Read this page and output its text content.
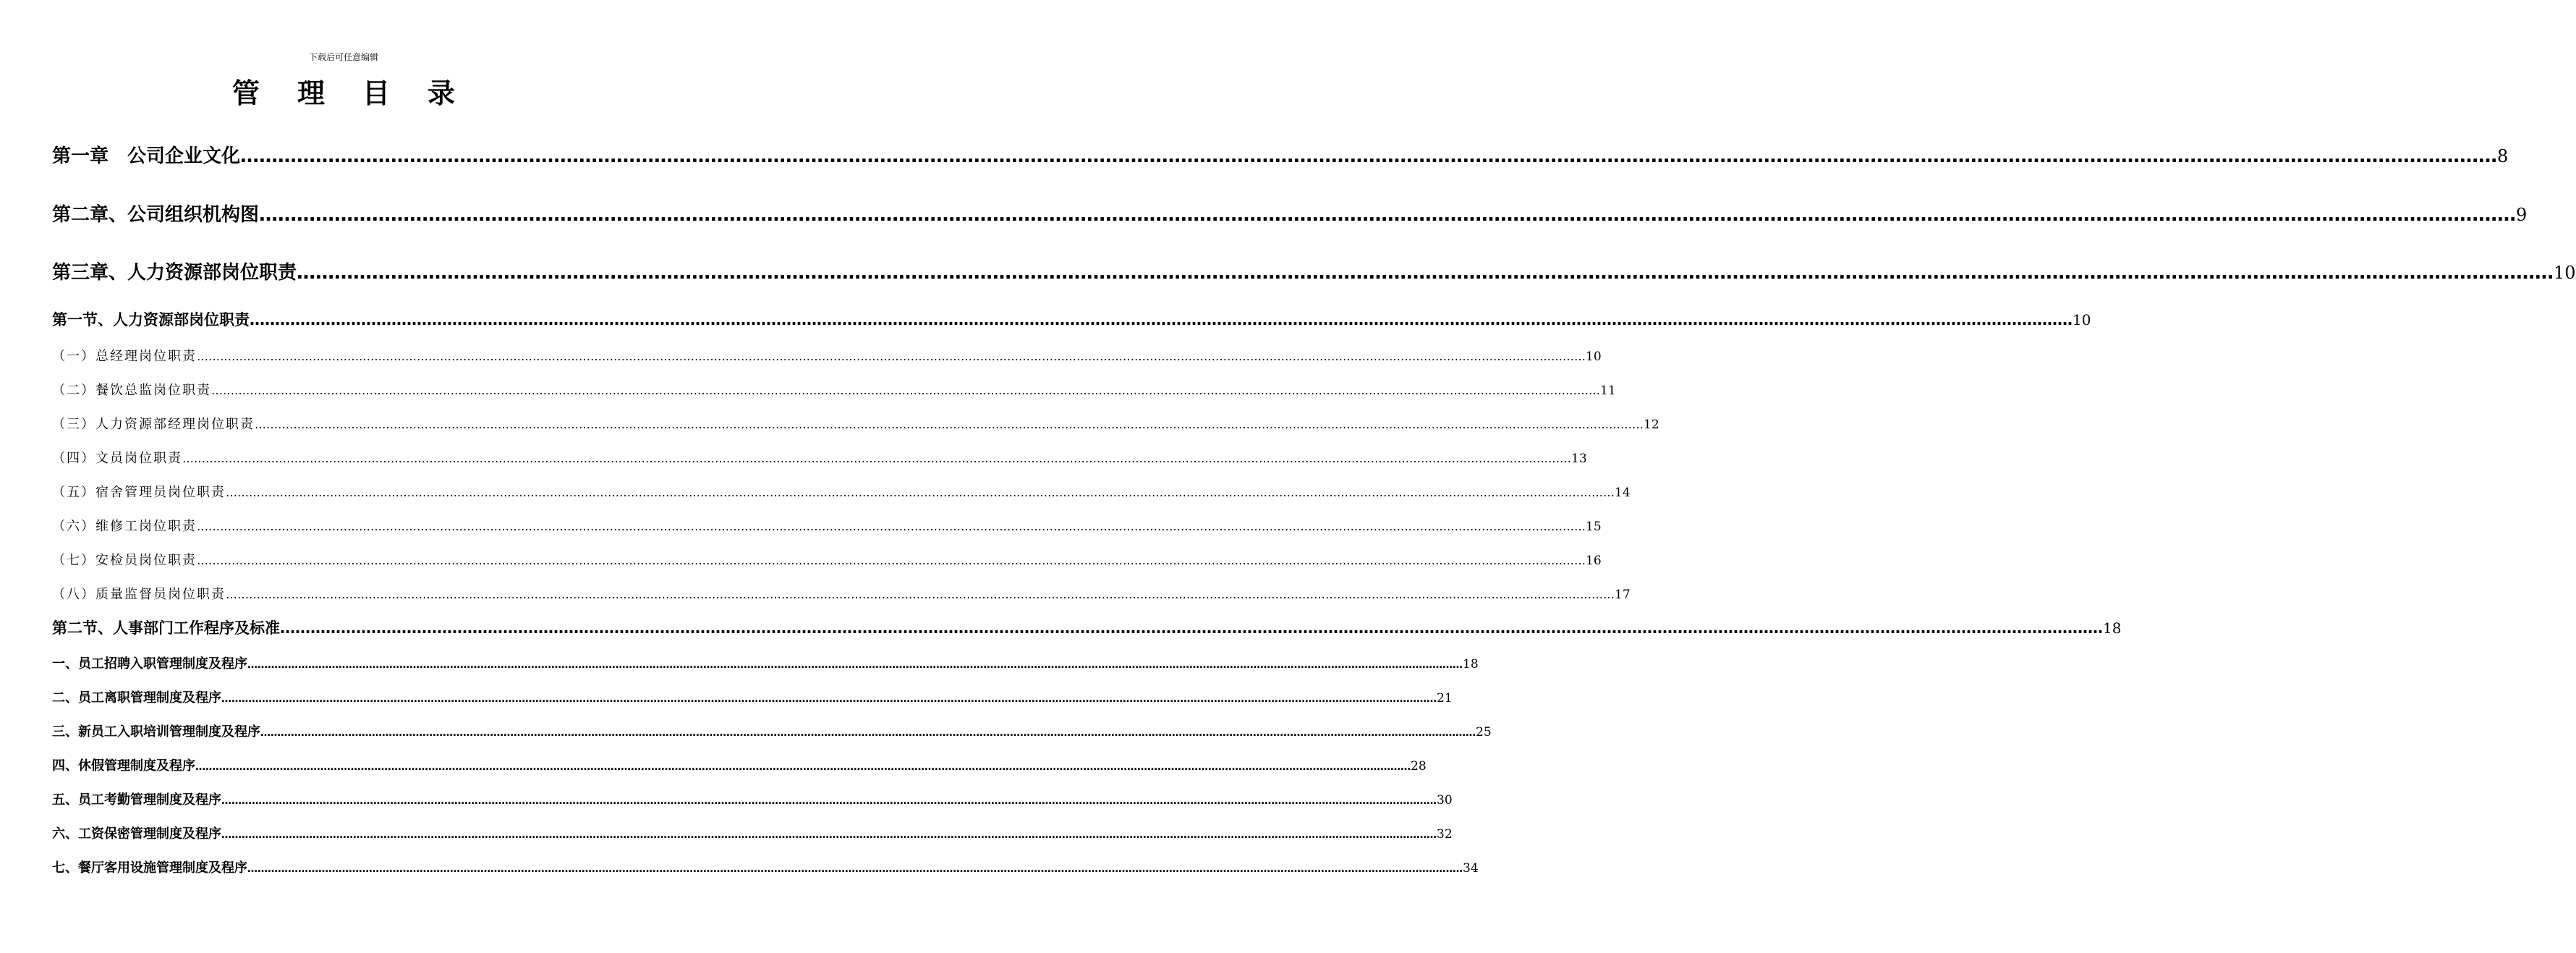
下载后可任意编辑
管理目录
第一章　公司企业文化 ……………………………………………………………………………………………………………………………………………………………………………………………………………………………………………………………………………………………………………………………… 8
第二章、公司组织机构图 ……………………………………………………………………………………………………………………………………………………………………………………………………………………………………………………………………………………………………………………………… 9
第三章、人力资源部岗位职责 ……………………………………………………………………………………………………………………………………………………………………………………………………………………………………………………………………………………………………………………………… 10
第一节、人力资源部岗位职责 ……………………………………………………………………………………………………………………………………………………………………………………………………………………………………………………………………………………………………………………………… 10
（一）总经理岗位职责 ……………………………………………………………………………………………………………………………………………………………………………………………………………………………………………………………………………………………………………………………… 10
（二）餐饮总监岗位职责 ……………………………………………………………………………………………………………………………………………………………………………………………………………………………………………………………………………………………………………………………… 11
（三）人力资源部经理岗位职责 ……………………………………………………………………………………………………………………………………………………………………………………………………………………………………………………………………………………………………………………………… 12
（四）文员岗位职责 ……………………………………………………………………………………………………………………………………………………………………………………………………………………………………………………………………………………………………………………………… 13
（五）宿舍管理员岗位职责 ……………………………………………………………………………………………………………………………………………………………………………………………………………………………………………………………………………………………………………………………… 14
（六）维修工岗位职责 ……………………………………………………………………………………………………………………………………………………………………………………………………………………………………………………………………………………………………………………………… 15
（七）安检员岗位职责 ……………………………………………………………………………………………………………………………………………………………………………………………………………………………………………………………………………………………………………………………… 16
（八）质量监督员岗位职责 ……………………………………………………………………………………………………………………………………………………………………………………………………………………………………………………………………………………………………………………………… 17
第二节、人事部门工作程序及标准 ……………………………………………………………………………………………………………………………………………………………………………………………………………………………………………………………………………………………………………………………… 18
一、员工招聘入职管理制度及程序 ……………………………………………………………………………………………………………………………………………………………………………………………………………………………………………………………………………………………………………………………… 18
二、员工离职管理制度及程序 ……………………………………………………………………………………………………………………………………………………………………………………………………………………………………………………………………………………………………………………………… 21
三、新员工入职培训管理制度及程序 ……………………………………………………………………………………………………………………………………………………………………………………………………………………………………………………………………………………………………………………………… 25
四、休假管理制度及程序 ……………………………………………………………………………………………………………………………………………………………………………………………………………………………………………………………………………………………………………………………… 28
五、员工考勤管理制度及程序 ……………………………………………………………………………………………………………………………………………………………………………………………………………………………………………………………………………………………………………………………… 30
六、工资保密管理制度及程序 ……………………………………………………………………………………………………………………………………………………………………………………………………………………………………………………………………………………………………………………………… 32
七、餐厅客用设施管理制度及程序 ……………………………………………………………………………………………………………………………………………………………………………………………………………………………………………………………………………………………………………………………… 34
